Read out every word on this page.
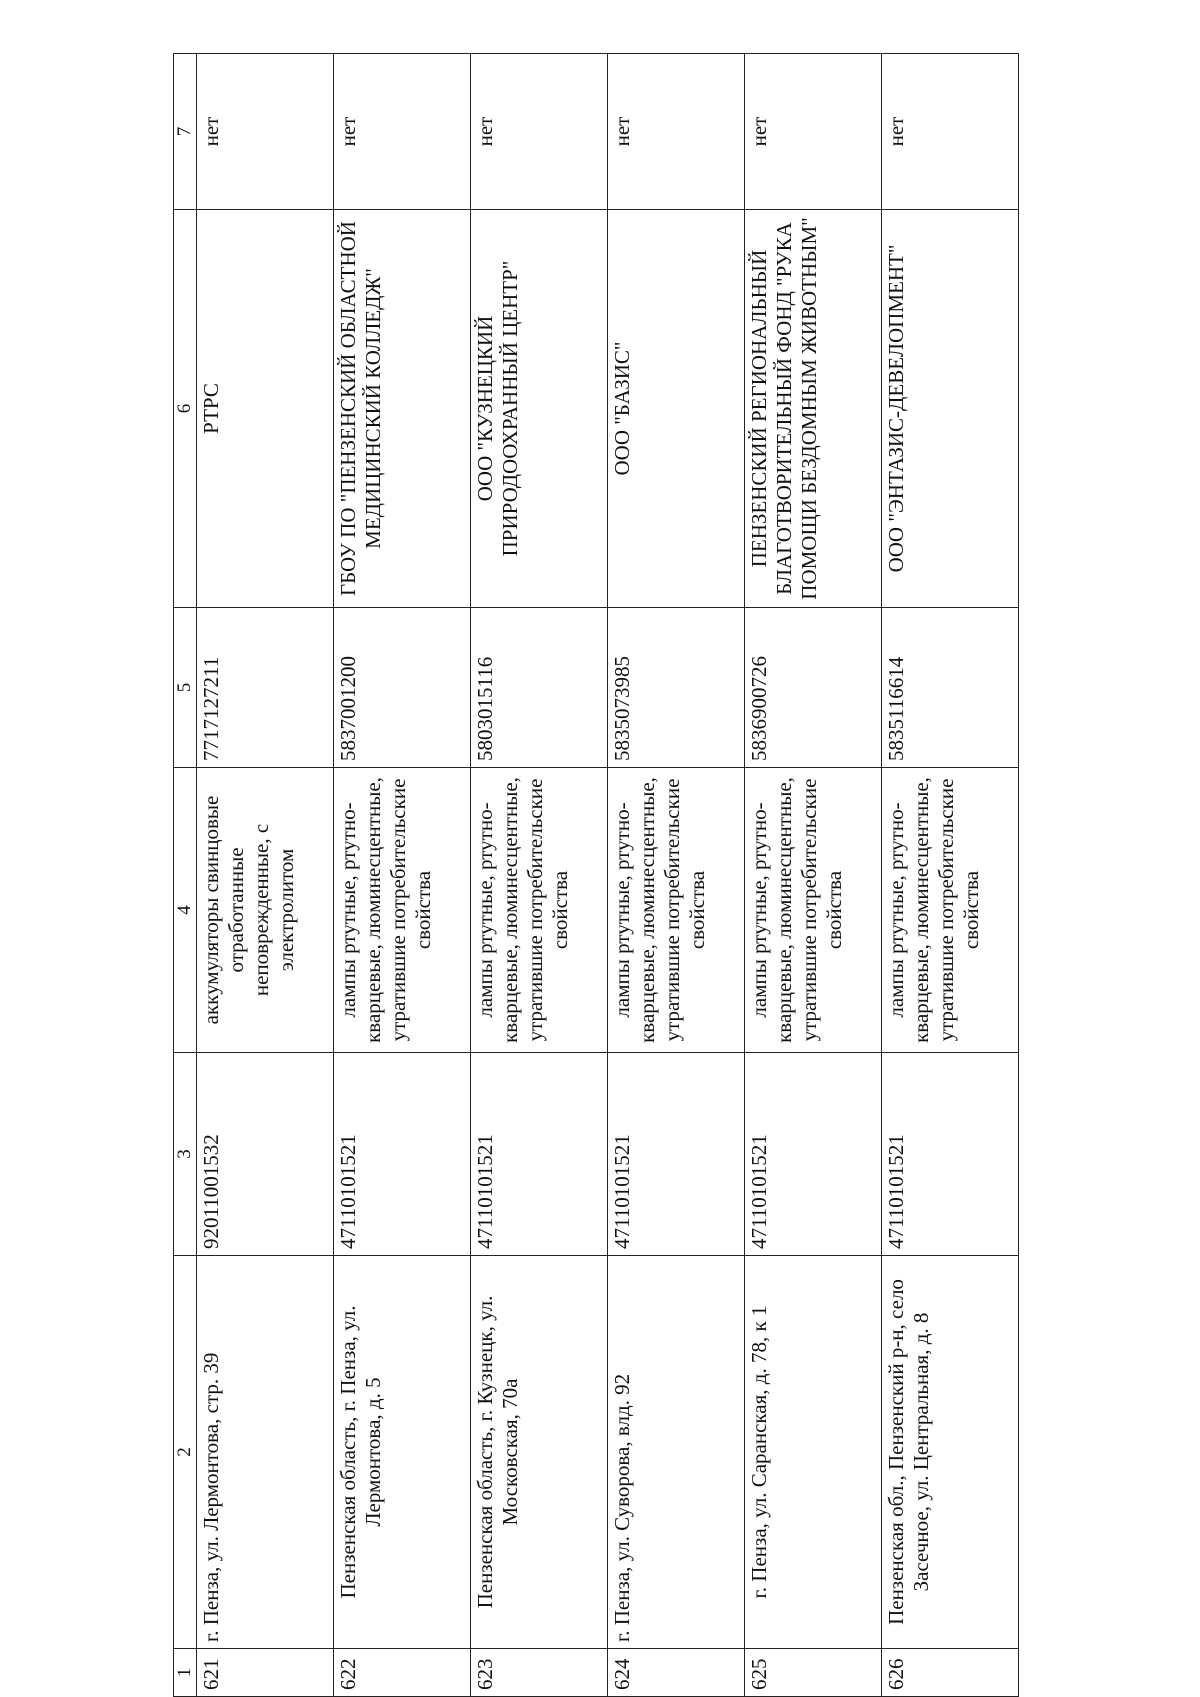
1	2	3	4	5	6	7
621	г. Пенза, ул. Лермонтова, стр. 39	92011001532	аккумуляторы свинцовые отработанные неповрежденные, с электролитом	7717127211	РТРС	нет
622	Пензенская область, г. Пенза, ул. Лермонтова, д. 5	47110101521	лампы ртутные, ртутно-кварцевые, люминесцентные, утратившие потребительские свойства	5837001200	ГБОУ ПО "ПЕНЗЕНСКИЙ ОБЛАСТНОЙ МЕДИЦИНСКИЙ КОЛЛЕДЖ"	нет
623	Пензенская область, г. Кузнецк, ул. Московская, 70а	47110101521	лампы ртутные, ртутно-кварцевые, люминесцентные, утратившие потребительские свойства	5803015116	ООО "КУЗНЕЦКИЙ ПРИРОДООХРАННЫЙ ЦЕНТР"	нет
624	г. Пенза, ул. Суворова, влд. 92	47110101521	лампы ртутные, ртутно-кварцевые, люминесцентные, утратившие потребительские свойства	5835073985	ООО "БАЗИС"	нет
625	г. Пенза, ул. Саранская, д. 78, к 1	47110101521	лампы ртутные, ртутно-кварцевые, люминесцентные, утратившие потребительские свойства	5836900726	ПЕНЗЕНСКИЙ РЕГИОНАЛЬНЫЙ БЛАГОТВОРИТЕЛЬНЫЙ ФОНД "РУКА ПОМОЩИ БЕЗДОМНЫМ ЖИВОТНЫМ"	нет
626	Пензенская обл., Пензенский р-н, село Засечное, ул. Центральная, д. 8	47110101521	лампы ртутные, ртутно-кварцевые, люминесцентные, утратившие потребительские свойства	5835116614	ООО "ЭНТАЗИС-ДЕВЕЛОПМЕНТ"	нет
